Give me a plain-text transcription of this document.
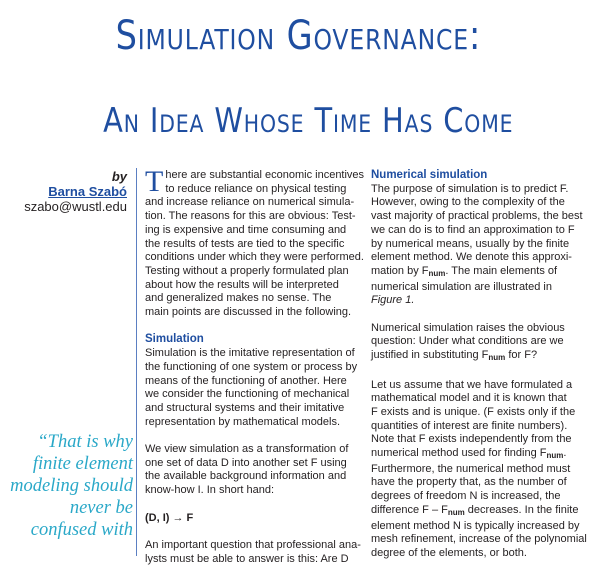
Simulation Governance:
An Idea Whose Time Has Come
by
Barna Szabó
szabo@wustl.edu
“That is why
finite element
modeling should
never be
confused with

T here are substantial economic incentives
to reduce reliance on physical testing
and increase reliance on numerical simula-
tion. The reasons for this are obvious: Test-
ing is expensive and time consuming and
the results of tests are tied to the specific
conditions under which they were performed.
Testing without a properly formulated plan
about how the results will be interpreted
and generalized makes no sense. The
main points are discussed in the following.

Simulation

Simulation is the imitative representation of
the functioning of one system or process by
means of the functioning of another. Here
we consider the functioning of mechanical
and structural systems and their imitative
representation by mathematical models.

We view simulation as a transformation of
one set of data D into another set F using
the available background information and
know-how I. In short hand:

(D, I) → F

An important question that professional ana-
lysts must be able to answer is this: Are D

Numerical simulation

The purpose of simulation is to predict F.
However, owing to the complexity of the
vast majority of practical problems, the best
we can do is to find an approximation to F
by numerical means, usually by the finite
element method. We denote this approxi-
mation by $F_{num}$. The main elements of
numerical simulation are illustrated in
Figure 1.

Numerical simulation raises the obvious
question: Under what conditions are we
justified in substituting $F_{num}$ for F?

Let us assume that we have formulated a
mathematical model and it is known that
F exists and is unique. (F exists only if the
quantities of interest are finite numbers).
Note that F exists independently from the
numerical method used for finding $F_{num}$.
Furthermore, the numerical method must
have the property that, as the number of
degrees of freedom N is increased, the
difference F – $F_{num}$ decreases. In the finite
element method N is typically increased by
mesh refinement, increase of the polynomial
degree of the elements, or both.
